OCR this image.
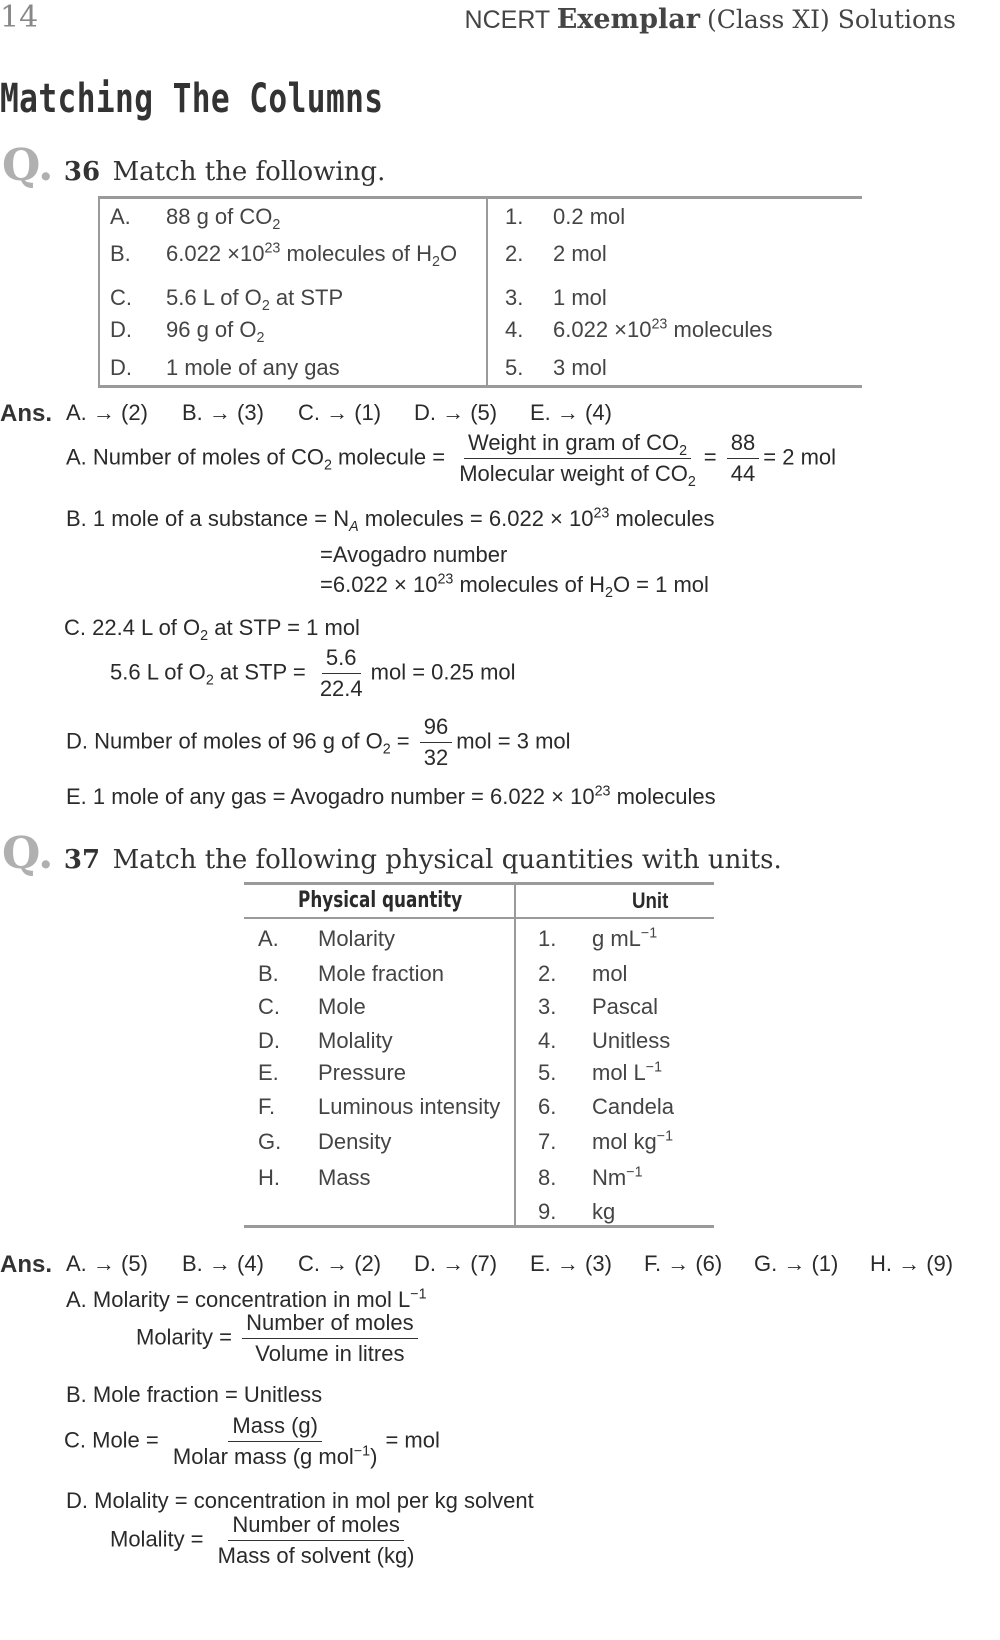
14	NCERT Exemplar (Class XI) Solutions
Matching The Columns
Q. 36 Match the following.
A. 88 g of $CO_2$
B. $6.022 \times 10^{23}$ molecules of $H_2O$
C. 5.6 L of $O_2$ at STP
D. 96 g of $O_2$
D. 1 mole of any gas
1. 0.2 mol
2. 2 mol
3. 1 mol
4. $6.022 \times 10^{23}$ molecules
5. 3 mol
Ans. A. → (2) B. → (3) C. → (1) D. → (5) E. → (4)
A. Number of moles of $CO_2$ molecule = $\frac{Weight in gram of CO_2}{Molecular weight of CO_2} = \frac{88}{44} = 2$ mol
B. 1 mole of a substance = $N_A$ molecules = $6.022 \times 10^{23}$ molecules
=Avogadro number
$=6.022 \times 10^{23}$ molecules of $H_2O = 1$ mol
C. 22.4 L of $O_2$ at STP = 1 mol
5.6 L of $O_2$ at STP = $\frac{5.6}{22.4}$ mol = 0.25 mol
D. Number of moles of 96 g of $O_2 = \frac{96}{32}$ mol = 3 mol
E. 1 mole of any gas = Avogadro number = $6.022 \times 10^{23}$ molecules
Q. 37 Match the following physical quantities with units.
Physical quantity	Unit
A. Molarity
B. Mole fraction
C. Mole
D. Molality
E. Pressure
F. Luminous intensity
G. Density
H. Mass
1. g $mL^{-1}$
2. mol
3. Pascal
4. Unitless
5. mol $L^{-1}$
6. Candela
7. mol $kg^{-1}$
8. $Nm^{-1}$
9. kg
Ans. A. → (5) B. → (4) C. → (2) D. → (7) E. → (3) F. → (6) G. → (1) H. → (9)
A. Molarity = concentration in mol $L^{-1}$
Molarity = $\frac{\text{Number of moles}}{\text{Volume in litres}}$
B. Mole fraction = Unitless
C. Mole = $\frac{\text{Mass (g)}}{Molar mass (g mol^{-1})}$ = mol
D. Molality = concentration in mol per kg solvent
Molality = $\frac{\text{Number of moles}}{\text{Mass of solvent (kg)}}$
